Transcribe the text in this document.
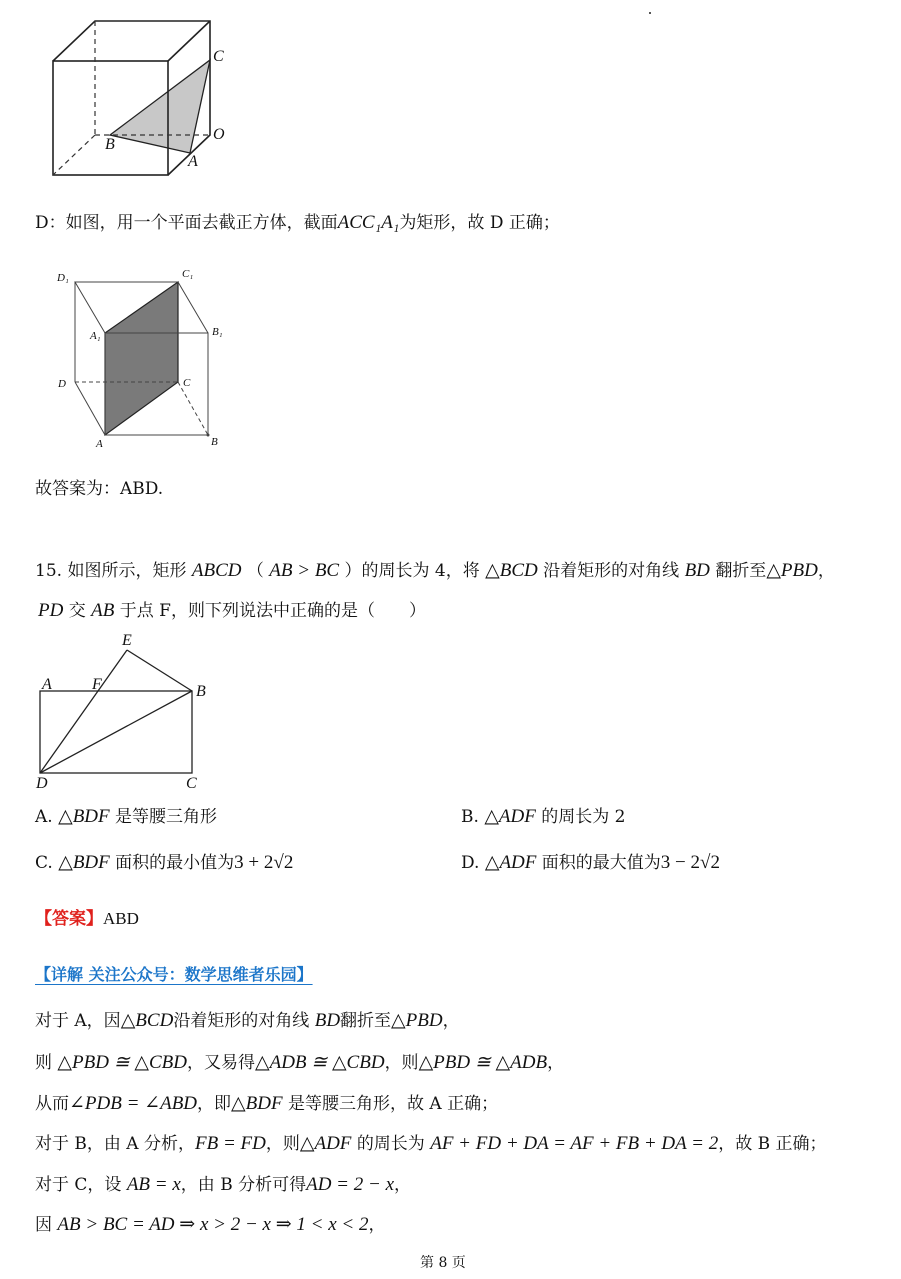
C
O
B
A
D：如图，用一个平面去截正方体，截面ACC₁A₁为矩形，故 D 正确；
D₁	C₁
A₁	B₁
D	C
A	B
故答案为：ABD.
15. 如图所示，矩形 ABCD （ AB > BC ）的周长为 4，将 △BCD 沿着矩形的对角线 BD 翻折至△PBD，
PD 交 AB 于点 F，则下列说法中正确的是（　　）
E
A	F	B
D	C
A. △BDF 是等腰三角形	B. △ADF 的周长为 2
C. △BDF 面积的最小值为3 + 2√2	D. △ADF 面积的最大值为3 − 2√2
【答案】ABD
【详解 关注公众号：数学思维者乐园】
对于 A，因△BCD沿着矩形的对角线 BD翻折至△PBD，
则 △PBD ≅ △CBD，又易得△ADB ≅ △CBD，则△PBD ≅ △ADB，
从而∠PDB = ∠ABD，即△BDF 是等腰三角形，故 A 正确；
对于 B，由 A 分析，FB = FD，则△ADF 的周长为 AF + FD + DA = AF + FB + DA = 2，故 B 正确；
对于 C，设 AB = x，由 B 分析可得AD = 2 − x，
因 AB > BC = AD ⇒ x > 2 − x ⇒ 1 < x < 2，
第 8 页
